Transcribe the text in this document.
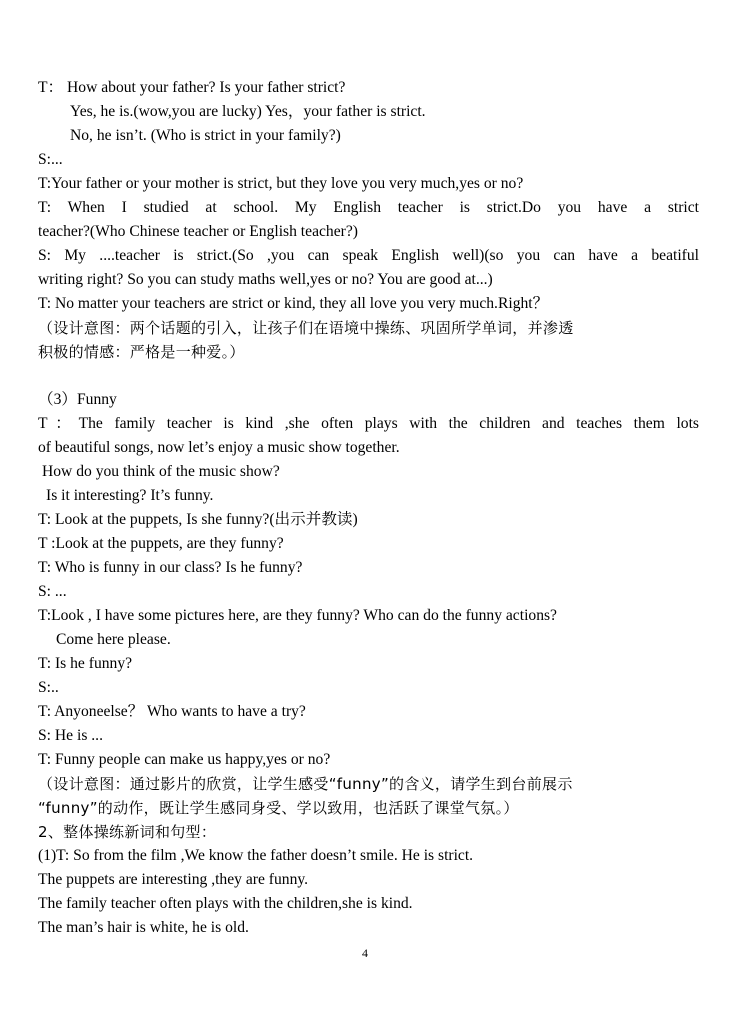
T： How about your father? Is your father strict?
Yes, he is.(wow,you are lucky) Yes，your father is strict.
No, he isn’t. (Who is strict in your family?)
S:...
T:Your father or your mother is strict, but they love you very much,yes or no?
T: When I studied at school. My English teacher is strict.Do you have a strict
teacher?(Who Chinese teacher or English teacher?)
S: My ....teacher is strict.(So ,you can speak English well)(so you can have a beatiful
writing right? So you can study maths well,yes or no? You are good at...)
T: No matter your teachers are strict or kind, they all love you very much.Right？
（设计意图：两个话题的引入，让孩子们在语境中操练、巩固所学单词，并渗透
积极的情感：严格是一种爱。）
（3）Funny
T：The family teacher is kind ,she often plays with the children and teaches them lots
of beautiful songs, now let’s enjoy a music show together.
How do you think of the music show?
Is it interesting? It’s funny.
T: Look at the puppets, Is she funny?(出示并教读)
T :Look at the puppets, are they funny?
T: Who is funny in our class? Is he funny?
S: ...
T:Look , I have some pictures here, are they funny? Who can do the funny actions?
Come here please.
T: Is he funny?
S:..
T: Anyoneelse？ Who wants to have a try?
S: He is ...
T: Funny people can make us happy,yes or no?
（设计意图：通过影片的欣赏，让学生感受“funny”的含义，请学生到台前展示
“funny”的动作，既让学生感同身受、学以致用，也活跃了课堂气氛。）
2、整体操练新词和句型：
(1)T: So from the film ,We know the father doesn’t smile. He is strict.
The puppets are interesting ,they are funny.
The family teacher often plays with the children,she is kind.
The man’s hair is white, he is old.
4
